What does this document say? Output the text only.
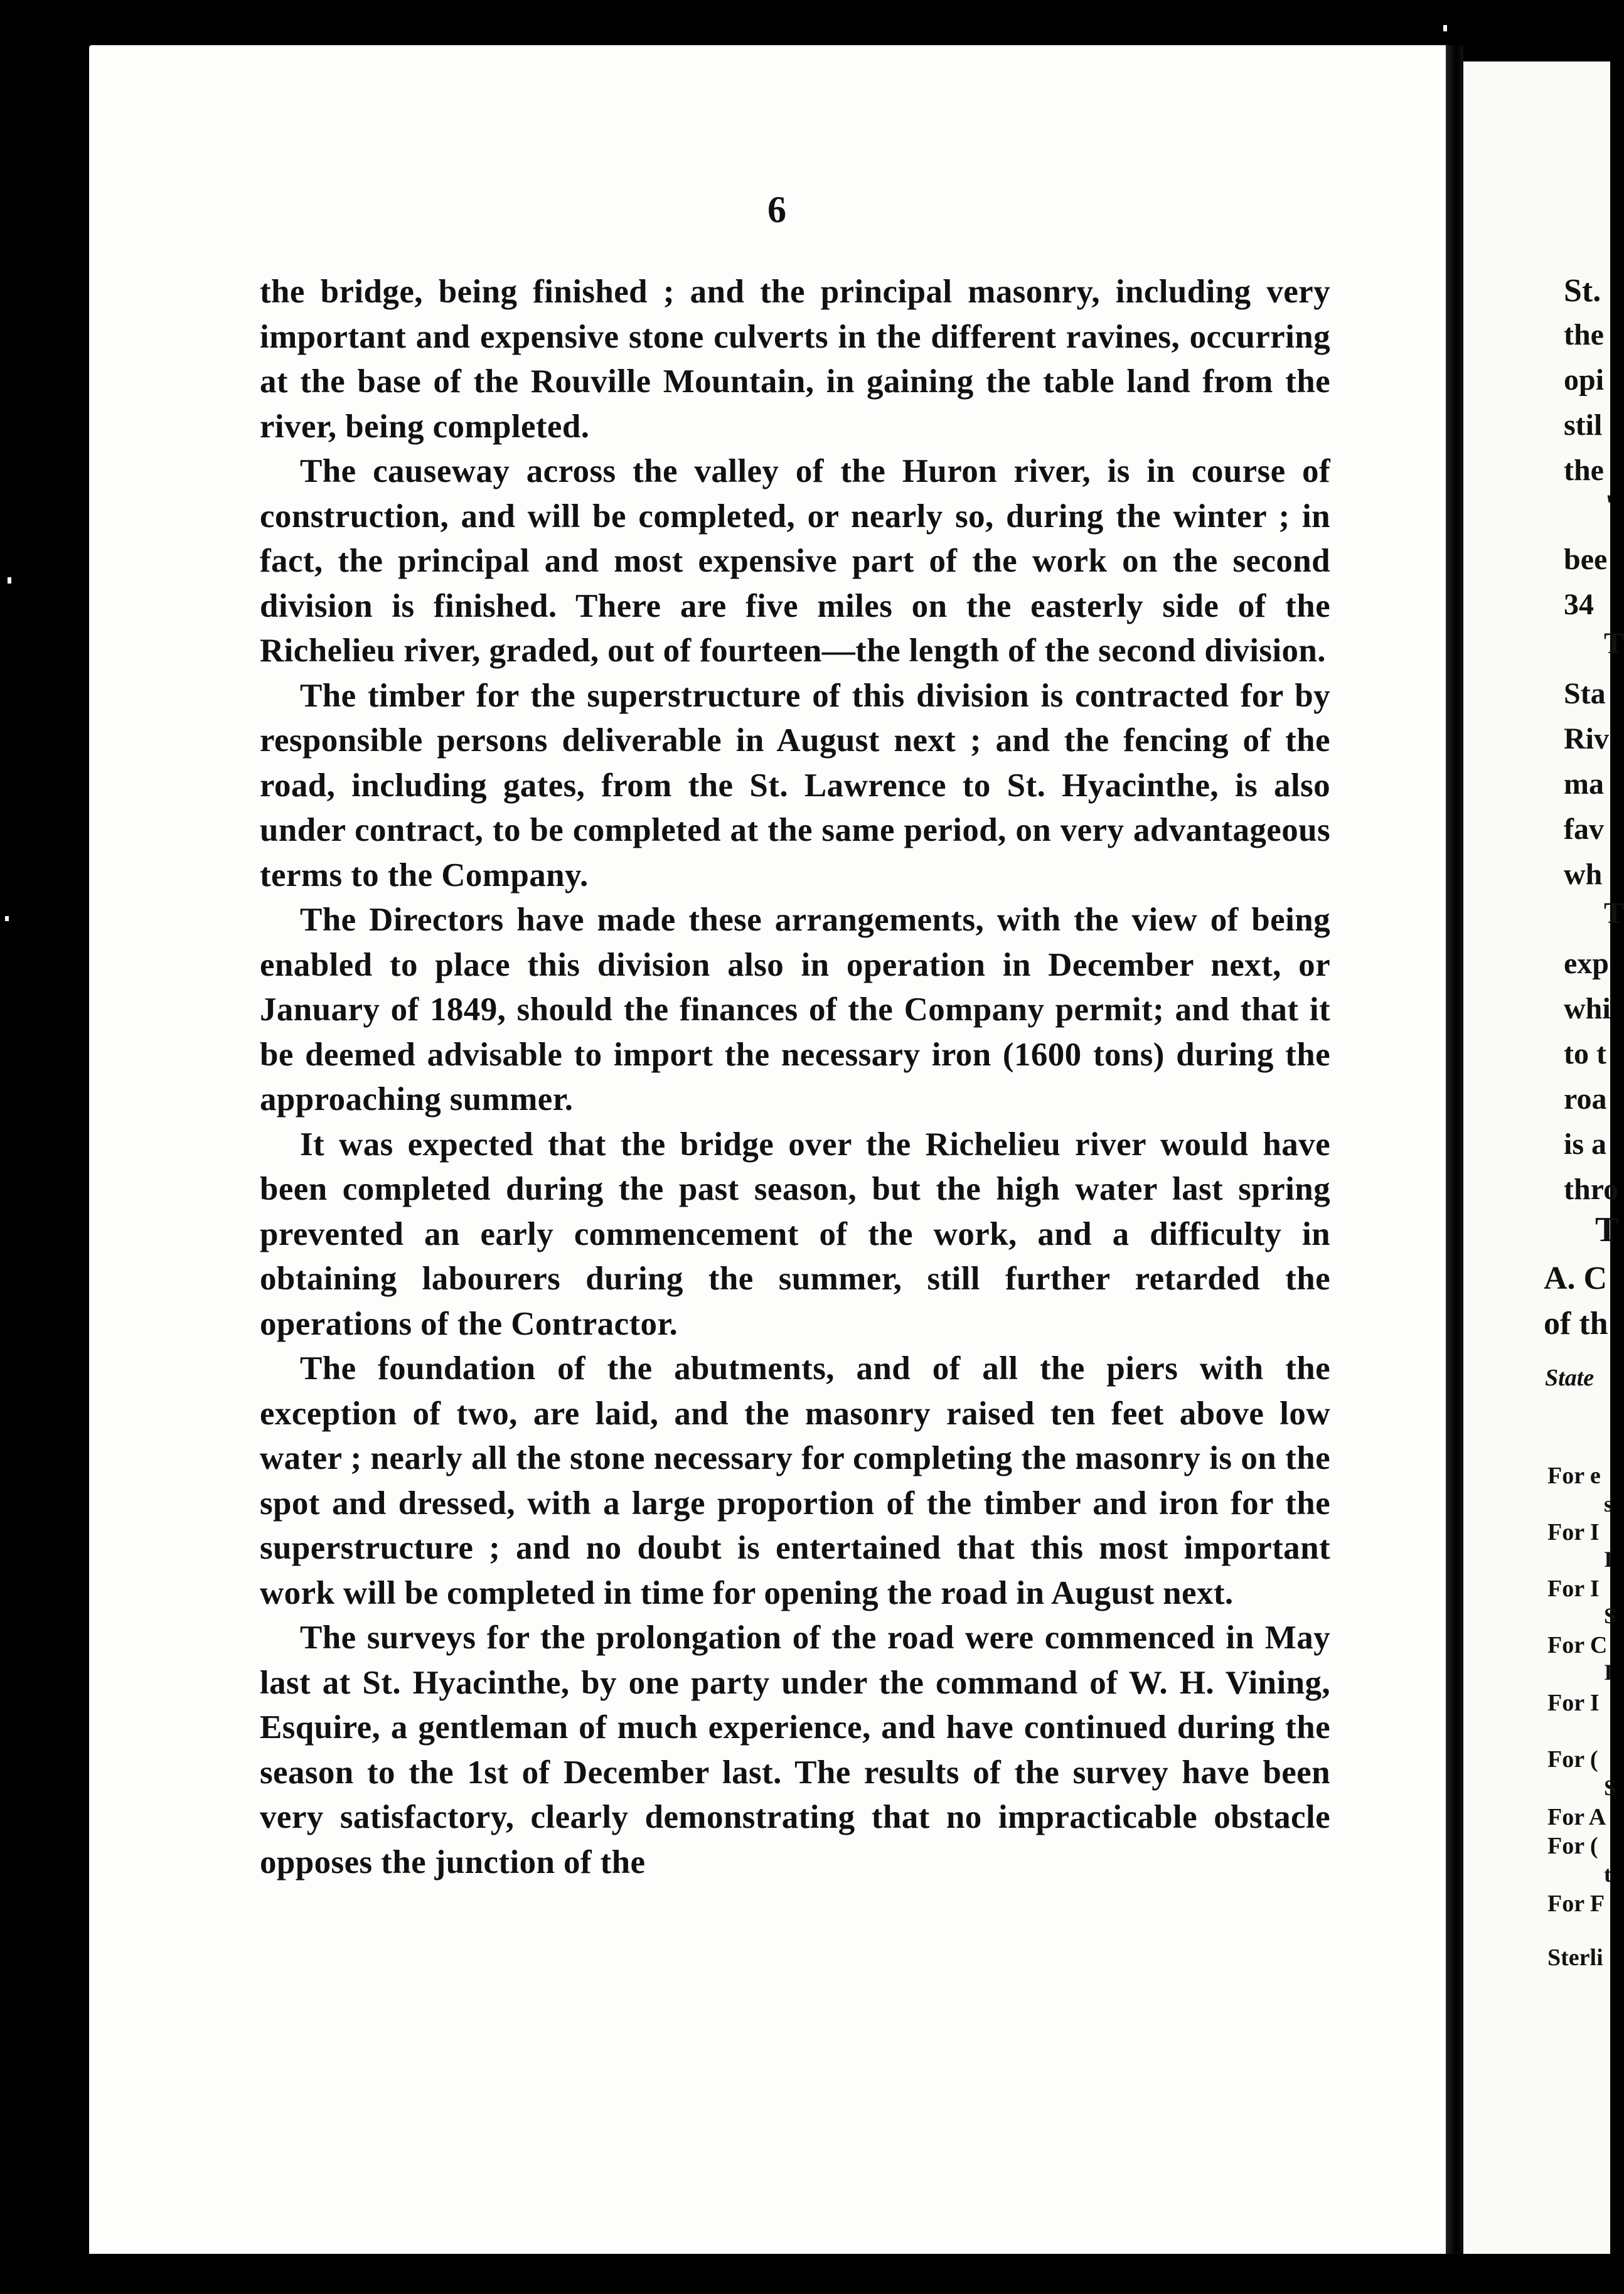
6

the bridge, being finished ; and the principal masonry, including very important and expensive stone culverts in the different ravines, occurring at the base of the Rouville Mountain, in gaining the table land from the river, being completed.

The causeway across the valley of the Huron river, is in course of construction, and will be completed, or nearly so, during the winter ; in fact, the principal and most expensive part of the work on the second division is finished. There are five miles on the easterly side of the Richelieu river, graded, out of fourteen—the length of the second division.

The timber for the superstructure of this division is contracted for by responsible persons deliverable in August next ; and the fencing of the road, including gates, from the St. Lawrence to St. Hyacinthe, is also under contract, to be completed at the same period, on very advantageous terms to the Company.

The Directors have made these arrangements, with the view of being enabled to place this division also in operation in December next, or January of 1849, should the finances of the Company permit; and that it be deemed advisable to import the necessary iron (1600 tons) during the approaching summer.

It was expected that the bridge over the Richelieu river would have been completed during the past season, but the high water last spring prevented an early commencement of the work, and a difficulty in obtaining labourers during the summer, still further retarded the operations of the Contractor.

The foundation of the abutments, and of all the piers with the exception of two, are laid, and the masonry raised ten feet above low water ; nearly all the stone necessary for completing the masonry is on the spot and dressed, with a large proportion of the timber and iron for the superstructure ; and no doubt is entertained that this most important work will be completed in time for opening the road in August next.

The surveys for the prolongation of the road were commenced in May last at St. Hyacinthe, by one party under the command of W. H. Vining, Esquire, a gentleman of much experience, and have continued during the season to the 1st of December last. The results of the survey have been very satisfactory, clearly demonstrating that no impracticable obstacle opposes the junction of the

St.
the
opi
stil
the
'
bee
34
T
Sta
Riv
ma
fav
wh
T
exp
whi
to t
roa
is a
thro
T
A. C
of th
State
For e
s
For I
I
For I
S
For C
I
For I
For (
S
For A
For (
t
For F
Sterli
